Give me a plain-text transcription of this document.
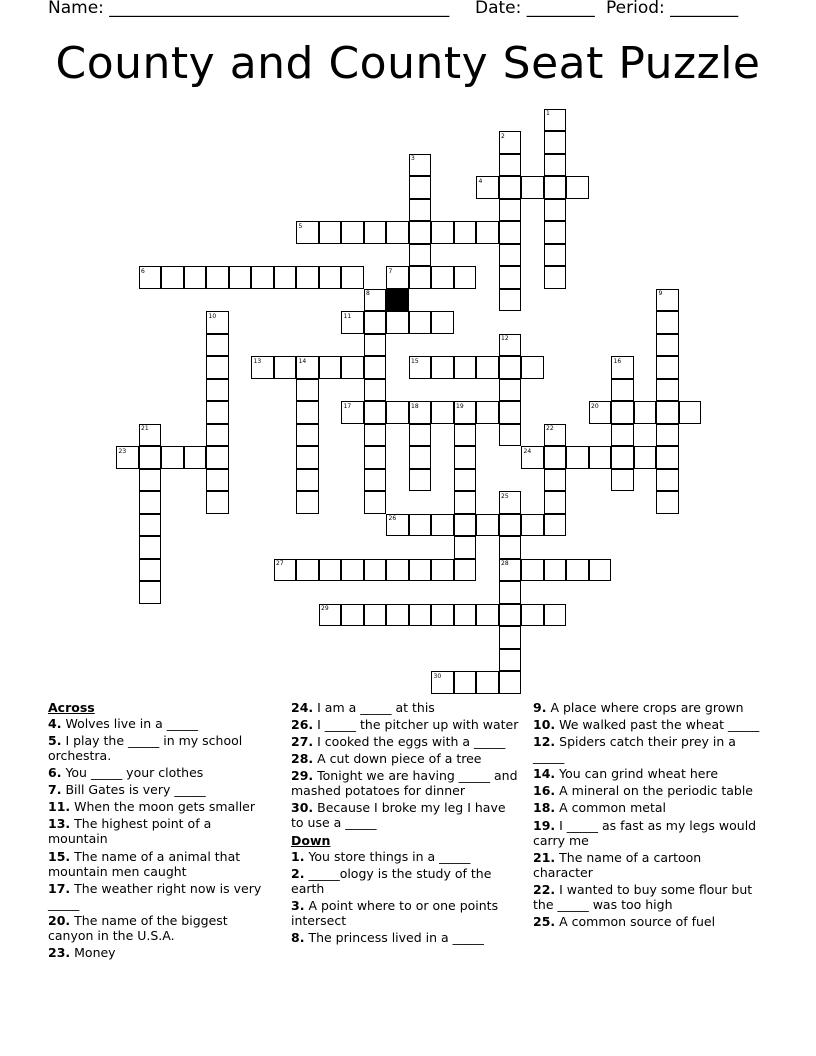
Name: ________________________________________ Date: ________ Period: ________
County and County Seat Puzzle
1
2
3
4
5
6	7
8	9
10	11
12
13	14	15	16
17	18	19	20
21	22
23	24
25
26
27	28
29
30
Across
4. Wolves live in a _____
5. I play the _____ in my school orchestra.
6. You _____ your clothes
7. Bill Gates is very _____
11. When the moon gets smaller
13. The highest point of a mountain
15. The name of a animal that mountain men caught
17. The weather right now is very _____
20. The name of the biggest canyon in the U.S.A.
23. Money
24. I am a _____ at this
26. I _____ the pitcher up with water
27. I cooked the eggs with a _____
28. A cut down piece of a tree
29. Tonight we are having _____ and mashed potatoes for dinner
30. Because I broke my leg I have to use a _____
Down
1. You store things in a _____
2. _____ology is the study of the earth
3. A point where to or one points intersect
8. The princess lived in a _____
9. A place where crops are grown
10. We walked past the wheat _____
12. Spiders catch their prey in a _____
14. You can grind wheat here
16. A mineral on the periodic table
18. A common metal
19. I _____ as fast as my legs would carry me
21. The name of a cartoon character
22. I wanted to buy some flour but the _____ was too high
25. A common source of fuel
